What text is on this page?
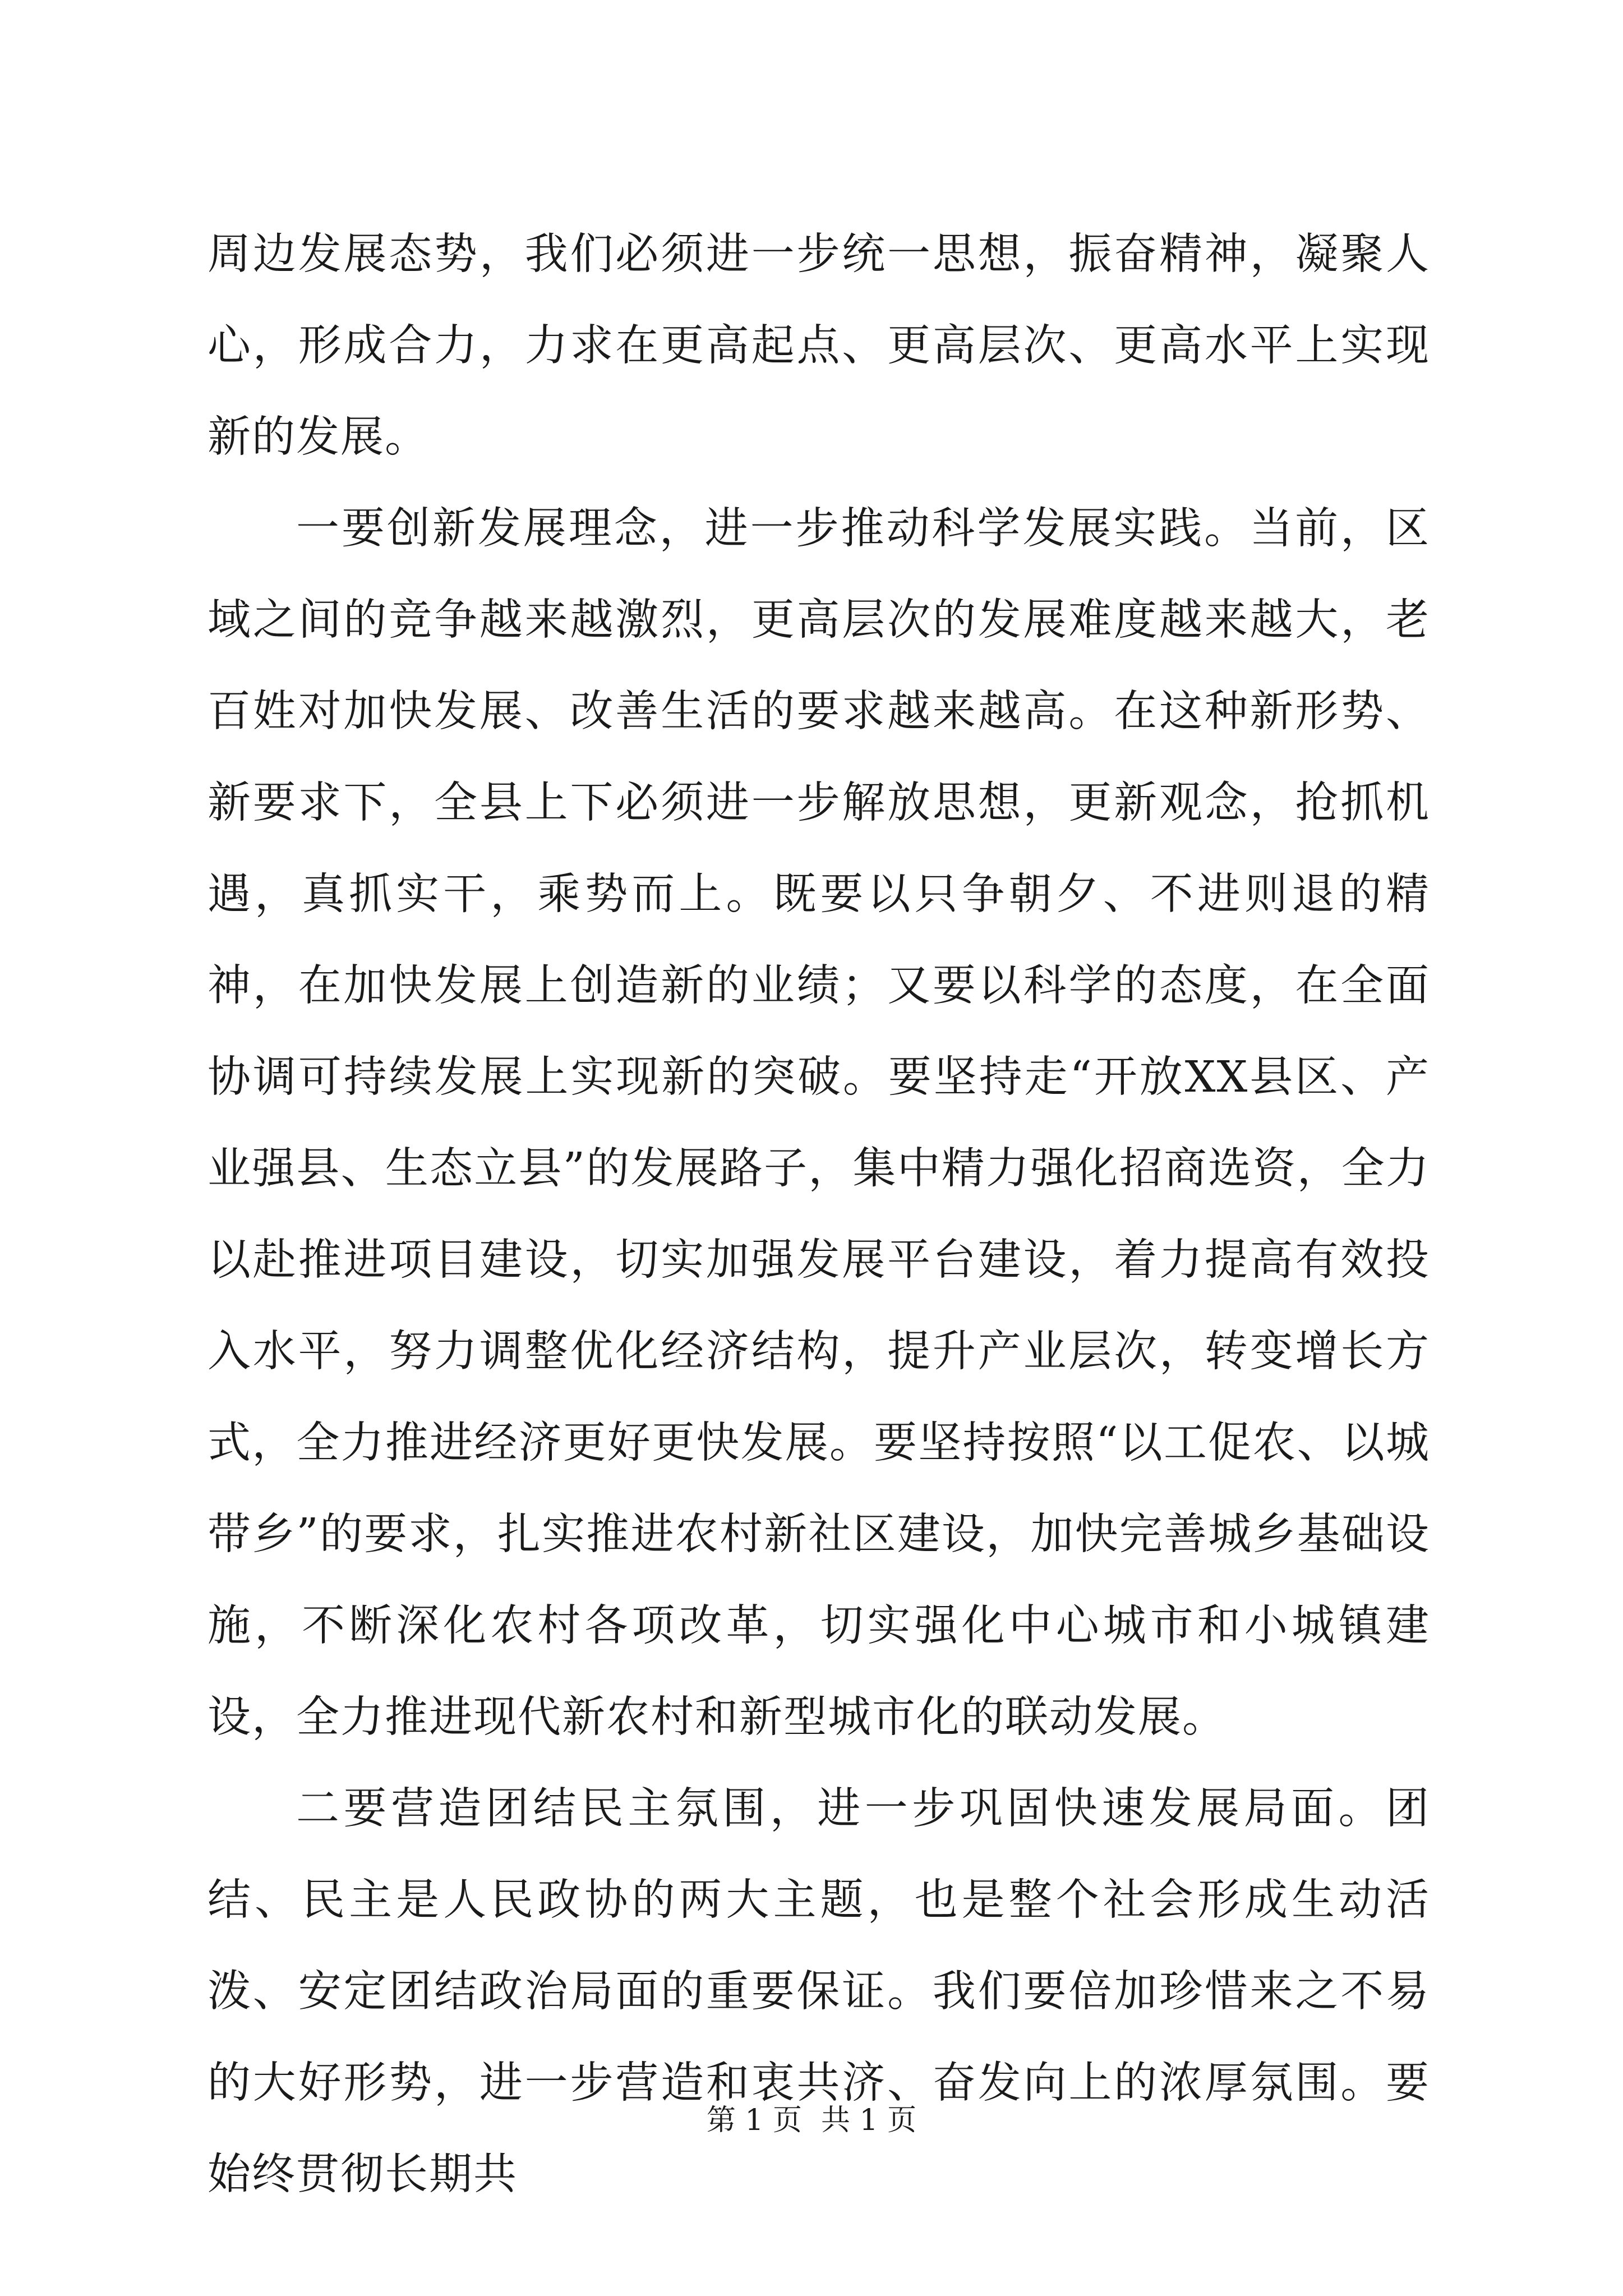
周边发展态势，我们必须进一步统一思想，振奋精神，凝聚人心，形成合力，力求在更高起点、更高层次、更高水平上实现新的发展。

一要创新发展理念，进一步推动科学发展实践。当前，区域之间的竞争越来越激烈，更高层次的发展难度越来越大，老百姓对加快发展、改善生活的要求越来越高。在这种新形势、新要求下，全县上下必须进一步解放思想，更新观念，抢抓机遇，真抓实干，乘势而上。既要以只争朝夕、不进则退的精神，在加快发展上创造新的业绩；又要以科学的态度，在全面协调可持续发展上实现新的突破。要坚持走“开放XX县区、产业强县、生态立县”的发展路子，集中精力强化招商选资，全力以赴推进项目建设，切实加强发展平台建设，着力提高有效投入水平，努力调整优化经济结构，提升产业层次，转变增长方式，全力推进经济更好更快发展。要坚持按照“以工促农、以城带乡”的要求，扎实推进农村新社区建设，加快完善城乡基础设施，不断深化农村各项改革，切实强化中心城市和小城镇建设，全力推进现代新农村和新型城市化的联动发展。

二要营造团结民主氛围，进一步巩固快速发展局面。团结、民主是人民政协的两大主题，也是整个社会形成生动活泼、安定团结政治局面的重要保证。我们要倍加珍惜来之不易的大好形势，进一步营造和衷共济、奋发向上的浓厚氛围。要始终贯彻长期共

第 1 页 共 1 页
